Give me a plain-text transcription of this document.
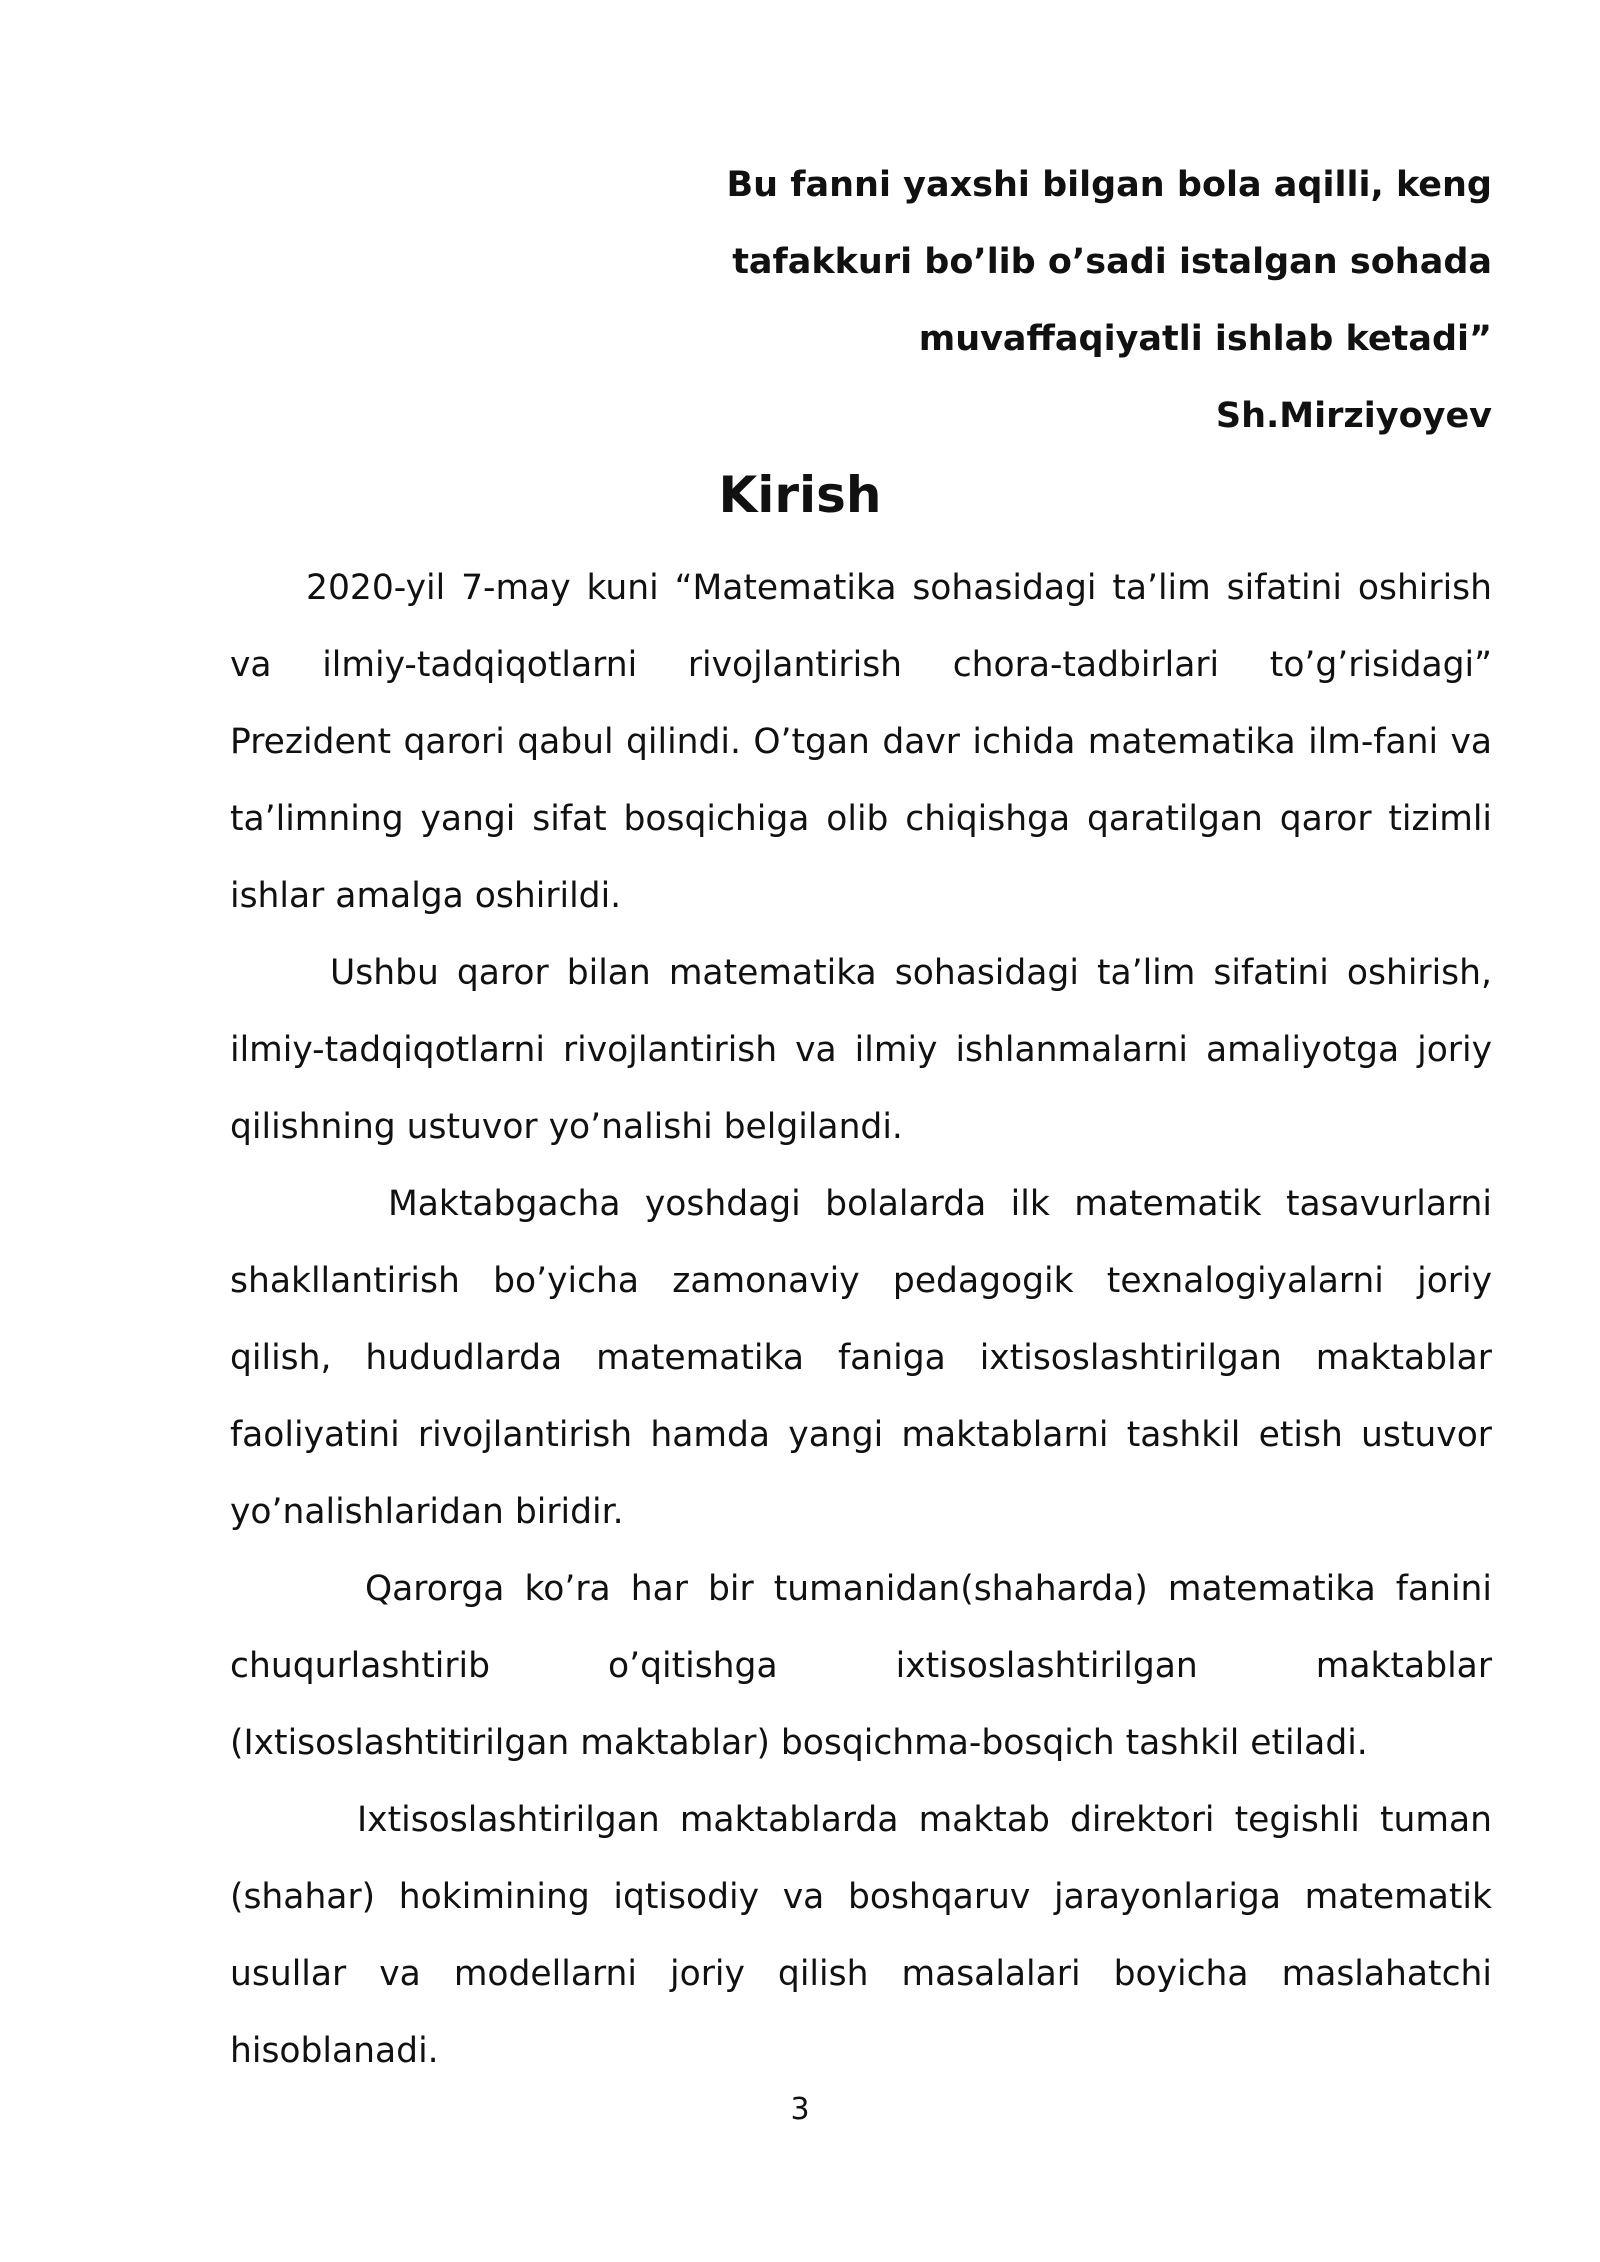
Bu fanni yaxshi bilgan bola aqilli, keng
tafakkuri bo’lib o’sadi istalgan sohada
muvaffaqiyatli ishlab ketadi”
Sh.Mirziyoyev
Kirish

2020-yil 7-may kuni “Matematika sohasidagi ta’lim sifatini oshirish va ilmiy-tadqiqotlarni rivojlantirish chora-tadbirlari to’g’risidagi” Prezident qarori qabul qilindi. O’tgan davr ichida matematika ilm-fani va ta’limning yangi sifat bosqichiga olib chiqishga qaratilgan qaror tizimli ishlar amalga oshirildi.

Ushbu qaror bilan matematika sohasidagi ta’lim sifatini oshirish, ilmiy-tadqiqotlarni rivojlantirish va ilmiy ishlanmalarni amaliyotga joriy qilishning ustuvor yo’nalishi belgilandi.

Maktabgacha yoshdagi bolalarda ilk matematik tasavurlarni shakllantirish bo’yicha zamonaviy pedagogik texnalogiyalarni joriy qilish, hududlarda matematika faniga ixtisoslashtirilgan maktablar faoliyatini rivojlantirish hamda yangi maktablarni tashkil etish ustuvor yo’nalishlaridan biridir.

Qarorga ko’ra har bir tumanidan(shaharda) matematika fanini chuqurlashtirib o’qitishga ixtisoslashtirilgan maktablar (Ixtisoslashtitirilgan maktablar) bosqichma-bosqich tashkil etiladi.

Ixtisoslashtirilgan maktablarda maktab direktori tegishli tuman (shahar) hokimining iqtisodiy va boshqaruv jarayonlariga matematik usullar va modellarni joriy qilish masalalari boyicha maslahatchi hisoblanadi.

3
